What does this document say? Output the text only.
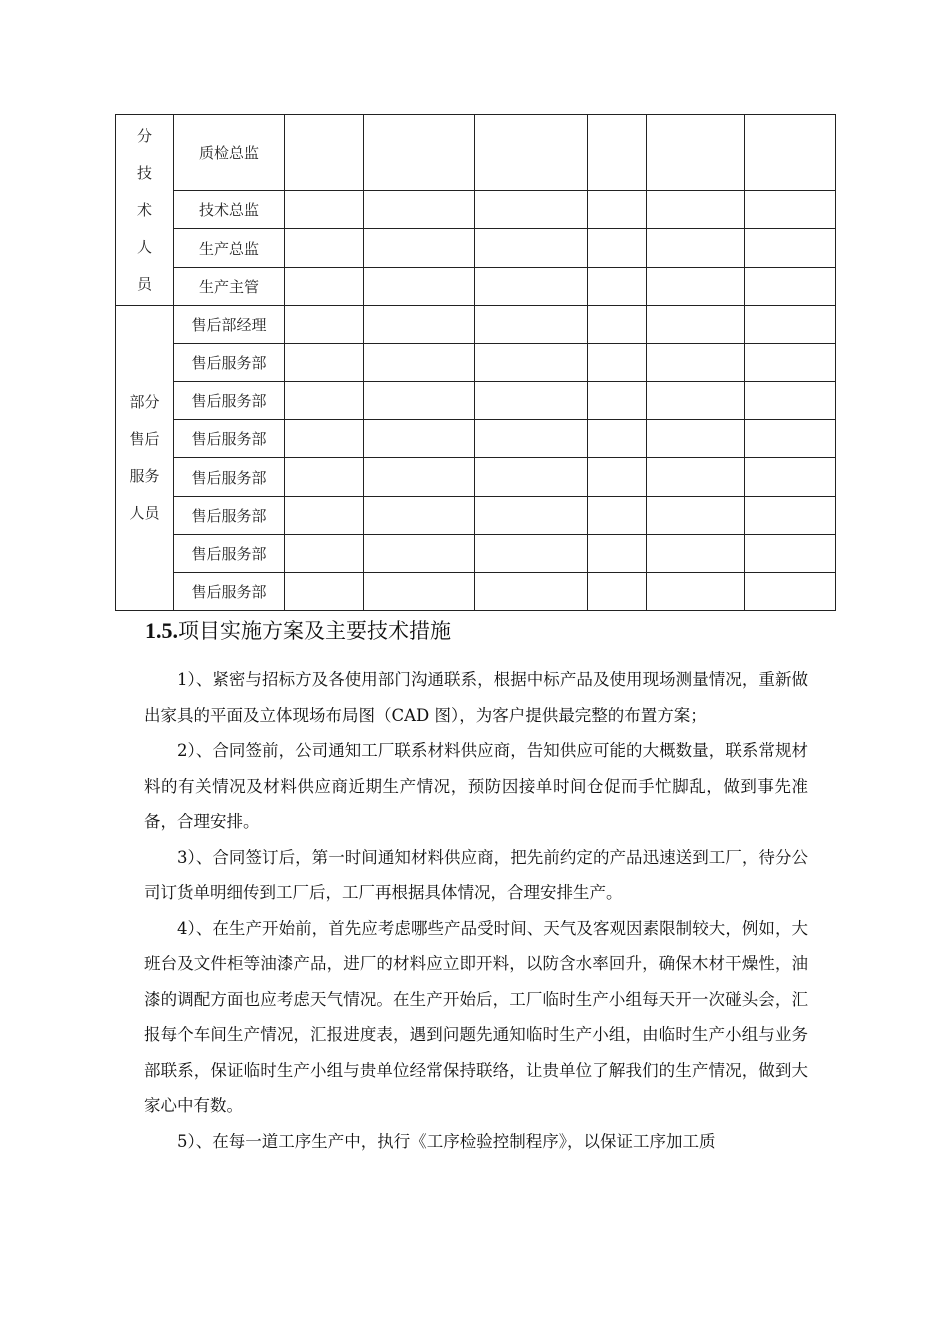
分
技
术
人
员	质检总监						
	技术总监						
	生产总监						
	生产主管						

部分
售后
服务
人员	售后部经理						
	售后服务部						
	售后服务部						
	售后服务部						
	售后服务部						
	售后服务部						
	售后服务部						
	售后服务部						
1.5.项目实施方案及主要技术措施

1）、紧密与招标方及各使用部门沟通联系，根据中标产品及使用现场测量情况，重新做出家具的平面及立体现场布局图（CAD 图），为客户提供最完整的布置方案；

2）、合同签前，公司通知工厂联系材料供应商，告知供应可能的大概数量，联系常规材料的有关情况及材料供应商近期生产情况，预防因接单时间仓促而手忙脚乱，做到事先准备，合理安排。

3）、合同签订后，第一时间通知材料供应商，把先前约定的产品迅速送到工厂，待分公司订货单明细传到工厂后，工厂再根据具体情况，合理安排生产。

4）、在生产开始前，首先应考虑哪些产品受时间、天气及客观因素限制较大，例如，大班台及文件柜等油漆产品，进厂的材料应立即开料，以防含水率回升，确保木材干燥性，油漆的调配方面也应考虑天气情况。在生产开始后，工厂临时生产小组每天开一次碰头会，汇报每个车间生产情况，汇报进度表，遇到问题先通知临时生产小组，由临时生产小组与业务部联系，保证临时生产小组与贵单位经常保持联络，让贵单位了解我们的生产情况，做到大家心中有数。

5）、在每一道工序生产中，执行《工序检验控制程序》，以保证工序加工质
